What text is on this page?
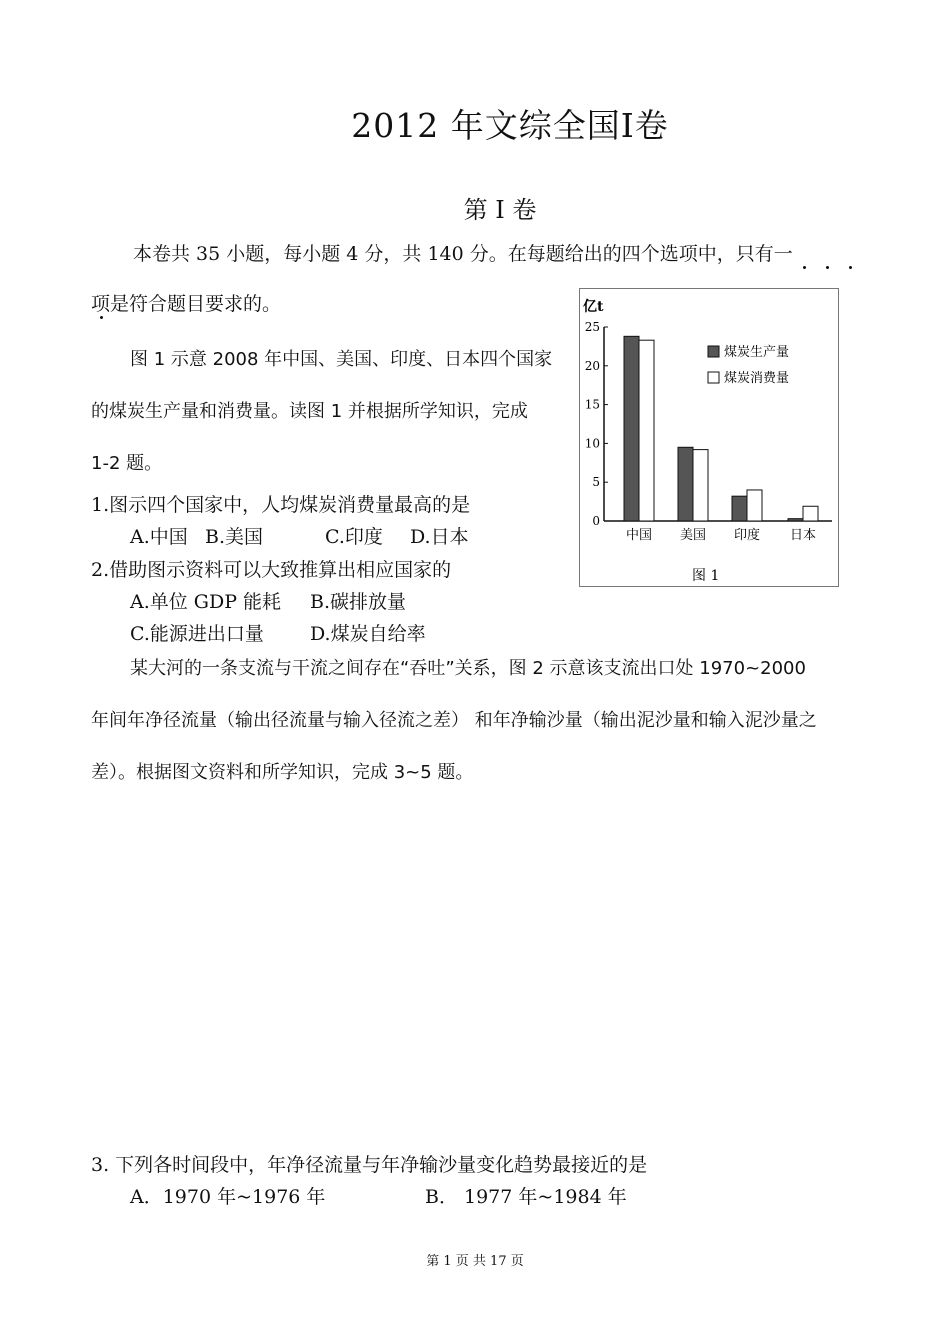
2012 年文综全国Ⅰ卷
第 I 卷
本卷共 35 小题，每小题 4 分，共 140 分。在每题给出的四个选项中，只有一
项是符合题目要求的。
图 1 示意 2008 年中国、美国、印度、日本四个国家
的煤炭生产量和消费量。读图 1 并根据所学知识，完成
1-2 题。
1.图示四个国家中，人均煤炭消费量最高的是
A.中国 B.美国	C.印度 D.日本
2.借助图示资料可以大致推算出相应国家的
A.单位 GDP 能耗 B.碳排放量
C.能源进出口量 D.煤炭自给率
某大河的一条支流与干流之间存在“吞吐”关系，图 2 示意该支流出口处 1970~2000
年间年净径流量（输出径流量与输入径流之差） 和年净输沙量（输出泥沙量和输入泥沙量之
差）。根据图文资料和所学知识，完成 3~5 题。
3. 下列各时间段中，年净径流量与年净输沙量变化趋势最接近的是
A．1970 年~1976 年	B． 1977 年~1984 年
第 1 页 共 17 页
亿t
0
5
10
15
20
25
中国 美国 印度 日本
煤炭生产量
煤炭消费量
图 1
